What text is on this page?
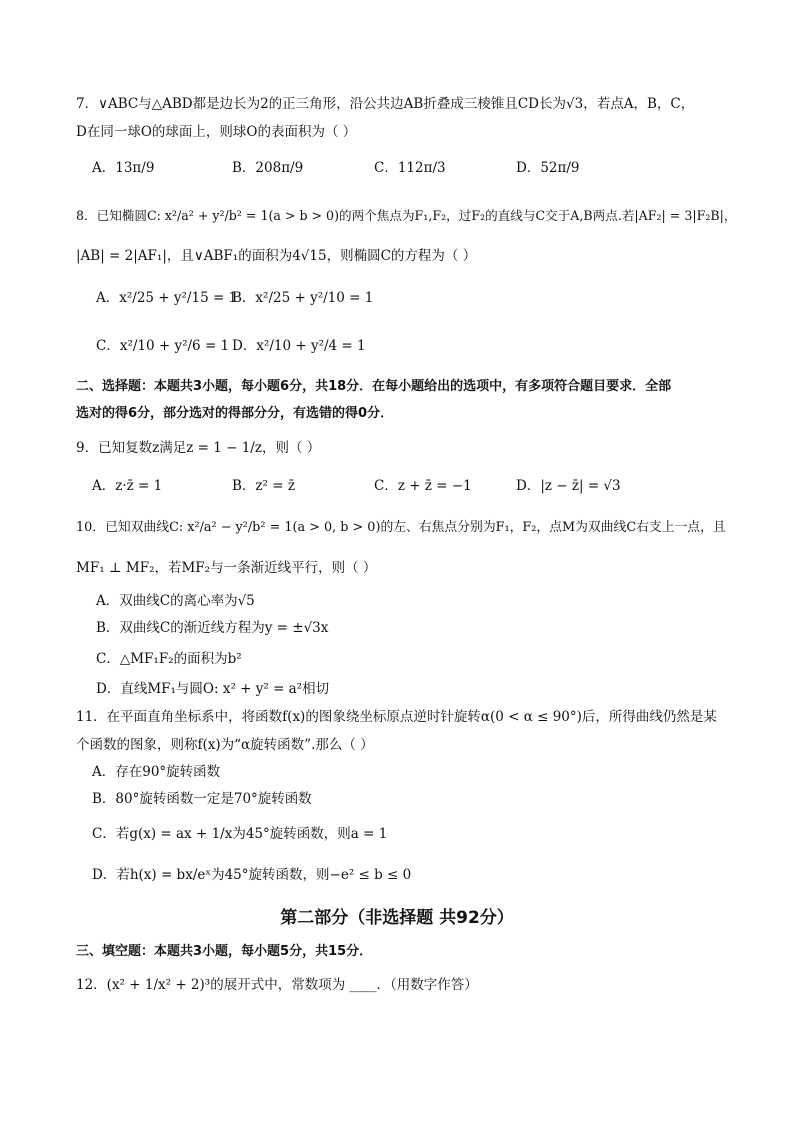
7．∨ABC与△ABD都是边长为2的正三角形，沿公共边AB折叠成三棱锥且CD长为√3，若点A，B，C，
D在同一球O的球面上，则球O的表面积为（ ）
A．13π/9	B．208π/9	C．112π/3	D．52π/9
8．已知椭圆C: x²/a² + y²/b² = 1(a > b > 0)的两个焦点为F₁,F₂，过F₂的直线与C交于A,B两点.若|AF₂| = 3|F₂B|，
|AB| = 2|AF₁|，且∨ABF₁的面积为4√15，则椭圆C的方程为（ ）
A．x²/25 + y²/15 = 1
B．x²/25 + y²/10 = 1
C．x²/10 + y²/6 = 1 D．x²/10 + y²/4 = 1
二、选择题：本题共3小题，每小题6分，共18分．在每小题给出的选项中，有多项符合题目要求．全部
选对的得6分，部分选对的得部分分，有选错的得0分．
9．已知复数z满足z = 1 − 1/z，则（ ）
A．z·z̄ = 1	B．z² = z̄	C．z + z̄ = −1	D．|z − z̄| = √3
10．已知双曲线C: x²/a² − y²/b² = 1(a > 0, b > 0)的左、右焦点分别为F₁，F₂，点M为双曲线C右支上一点，且
MF₁ ⊥ MF₂，若MF₂与一条渐近线平行，则（ ）
A．双曲线C的离心率为√5
B．双曲线C的渐近线方程为y = ±√3x
C．△MF₁F₂的面积为b²
D．直线MF₁与圆O: x² + y² = a²相切
11．在平面直角坐标系中，将函数f(x)的图象绕坐标原点逆时针旋转α(0 < α ≤ 90°)后，所得曲线仍然是某
个函数的图象，则称f(x)为“α旋转函数”.那么（ ）
A．存在90°旋转函数
B．80°旋转函数一定是70°旋转函数
C．若g(x) = ax + 1/x为45°旋转函数，则a = 1
D．若h(x) = bx/eˣ为45°旋转函数，则−e² ≤ b ≤ 0
第二部分（非选择题 共92分）
三、填空题：本题共3小题，每小题5分，共15分．
12．(x² + 1/x² + 2)³的展开式中，常数项为 ____．（用数字作答）
